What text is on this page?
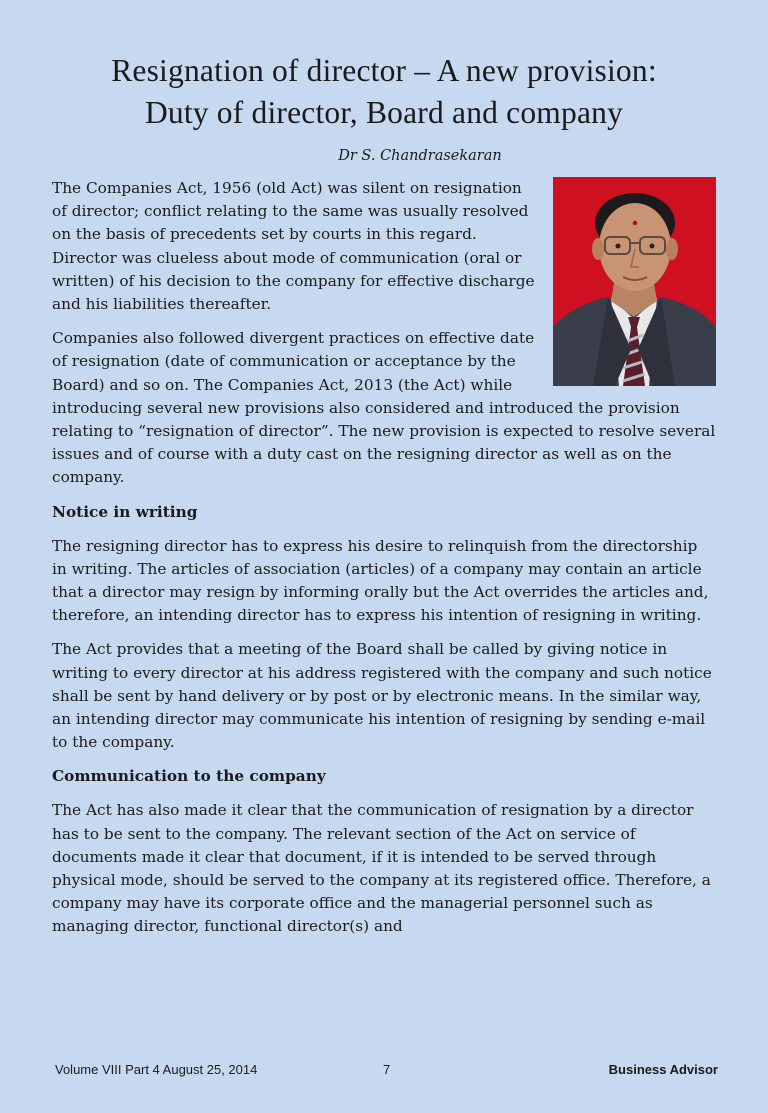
Resignation of director – A new provision:
Duty of director, Board and company
Dr S. Chandrasekaran

The Companies Act, 1956 (old Act) was silent on resignation of director; conflict relating to the same was usually resolved on the basis of precedents set by courts in this regard. Director was clueless about mode of communication (oral or written) of his decision to the company for effective discharge and his liabilities thereafter.

Companies also followed divergent practices on effective date of resignation (date of communication or acceptance by the Board) and so on. The Companies Act, 2013 (the Act) while introducing several new provisions also considered and introduced the provision relating to “resignation of director”. The new provision is expected to resolve several issues and of course with a duty cast on the resigning director as well as on the company.

Notice in writing

The resigning director has to express his desire to relinquish from the directorship in writing. The articles of association (articles) of a company may contain an article that a director may resign by informing orally but the Act overrides the articles and, therefore, an intending director has to express his intention of resigning in writing.

The Act provides that a meeting of the Board shall be called by giving notice in writing to every director at his address registered with the company and such notice shall be sent by hand delivery or by post or by electronic means. In the similar way, an intending director may communicate his intention of resigning by sending e-mail to the company.

Communication to the company

The Act has also made it clear that the communication of resignation by a director has to be sent to the company. The relevant section of the Act on service of documents made it clear that document, if it is intended to be served through physical mode, should be served to the company at its registered office. Therefore, a company may have its corporate office and the managerial personnel such as managing director, functional director(s) and

Volume VIII Part 4 August 25, 2014	7	Business Advisor
